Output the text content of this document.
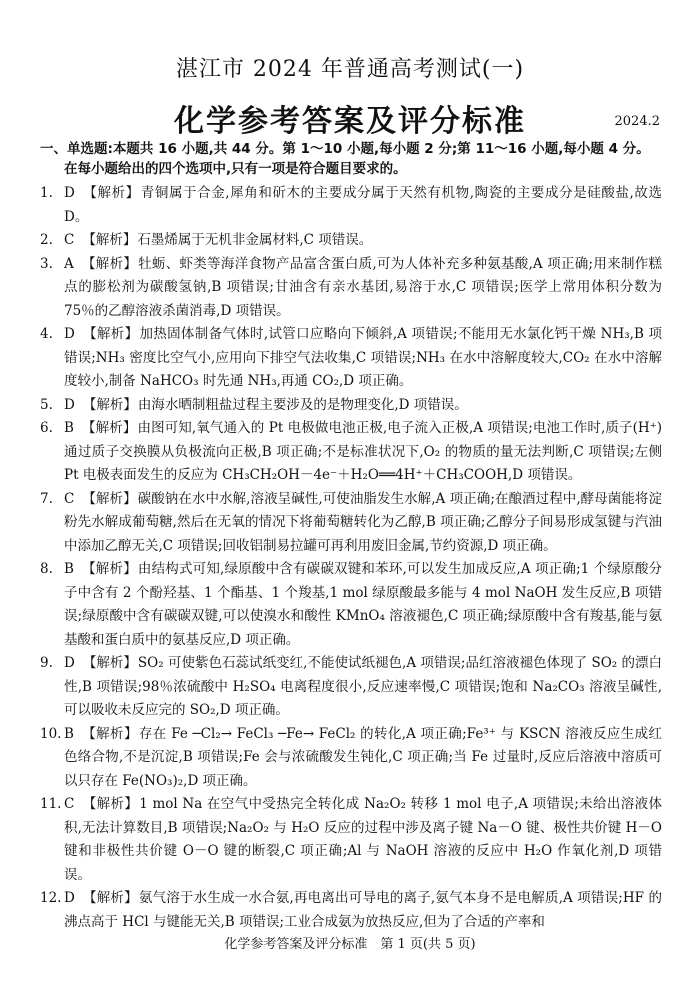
湛江市 2024 年普通高考测试(一)
化学参考答案及评分标准	2024.2
一、单选题:本题共 16 小题,共 44 分。第 1～10 小题,每小题 2 分;第 11～16 小题,每小题 4 分。
在每小题给出的四个选项中,只有一项是符合题目要求的。

1. D 【解析】青铜属于合金,犀角和斫木的主要成分属于天然有机物,陶瓷的主要成分是硅酸盐,故选 D。

2. C 【解析】石墨烯属于无机非金属材料,C 项错误。

3. A 【解析】牡蛎、虾类等海洋食物产品富含蛋白质,可为人体补充多种氨基酸,A 项正确;用来制作糕点的膨松剂为碳酸氢钠,B 项错误;甘油含有亲水基团,易溶于水,C 项错误;医学上常用体积分数为 75％的乙醇溶液杀菌消毒,D 项错误。

4. D 【解析】加热固体制备气体时,试管口应略向下倾斜,A 项错误;不能用无水氯化钙干燥 NH₃,B 项错误;NH₃ 密度比空气小,应用向下排空气法收集,C 项错误;NH₃ 在水中溶解度较大,CO₂ 在水中溶解度较小,制备 NaHCO₃ 时先通 NH₃,再通 CO₂,D 项正确。

5. D 【解析】由海水晒制粗盐过程主要涉及的是物理变化,D 项错误。

6. B 【解析】由图可知,氧气通入的 Pt 电极做电池正极,电子流入正极,A 项错误;电池工作时,质子(H⁺)通过质子交换膜从负极流向正极,B 项正确;不是标准状况下,O₂ 的物质的量无法判断,C 项错误;左侧 Pt 电极表面发生的反应为 CH₃CH₂OH－4e⁻＋H₂O══4H⁺＋CH₃COOH,D 项错误。

7. C 【解析】碳酸钠在水中水解,溶液呈碱性,可使油脂发生水解,A 项正确;在酿酒过程中,酵母菌能将淀粉先水解成葡萄糖,然后在无氧的情况下将葡萄糖转化为乙醇,B 项正确;乙醇分子间易形成氢键与汽油中添加乙醇无关,C 项错误;回收铝制易拉罐可再利用废旧金属,节约资源,D 项正确。

8. B 【解析】由结构式可知,绿原酸中含有碳碳双键和苯环,可以发生加成反应,A 项正确;1 个绿原酸分子中含有 2 个酚羟基、1 个酯基、1 个羧基,1 mol 绿原酸最多能与 4 mol NaOH 发生反应,B 项错误;绿原酸中含有碳碳双键,可以使溴水和酸性 KMnO₄ 溶液褪色,C 项正确;绿原酸中含有羧基,能与氨基酸和蛋白质中的氨基反应,D 项正确。

9. D 【解析】SO₂ 可使紫色石蕊试纸变红,不能使试纸褪色,A 项错误;品红溶液褪色体现了 SO₂ 的漂白性,B 项错误;98％浓硫酸中 H₂SO₄ 电离程度很小,反应速率慢,C 项错误;饱和 Na₂CO₃ 溶液呈碱性,可以吸收未反应完的 SO₂,D 项正确。

10. B 【解析】存在 Fe ─Cl₂→ FeCl₃ ─Fe→ FeCl₂ 的转化,A 项正确;Fe³⁺ 与 KSCN 溶液反应生成红色络合物,不是沉淀,B 项错误;Fe 会与浓硫酸发生钝化,C 项正确;当 Fe 过量时,反应后溶液中溶质可以只存在 Fe(NO₃)₂,D 项正确。

11. C 【解析】1 mol Na 在空气中受热完全转化成 Na₂O₂ 转移 1 mol 电子,A 项错误;未给出溶液体积,无法计算数目,B 项错误;Na₂O₂ 与 H₂O 反应的过程中涉及离子键 Na－O 键、极性共价键 H－O 键和非极性共价键 O－O 键的断裂,C 项正确;Al 与 NaOH 溶液的反应中 H₂O 作氧化剂,D 项错误。

12. D 【解析】氨气溶于水生成一水合氨,再电离出可导电的离子,氨气本身不是电解质,A 项错误;HF 的沸点高于 HCl 与键能无关,B 项错误;工业合成氨为放热反应,但为了合适的产率和

化学参考答案及评分标准　第 1 页(共 5 页)
